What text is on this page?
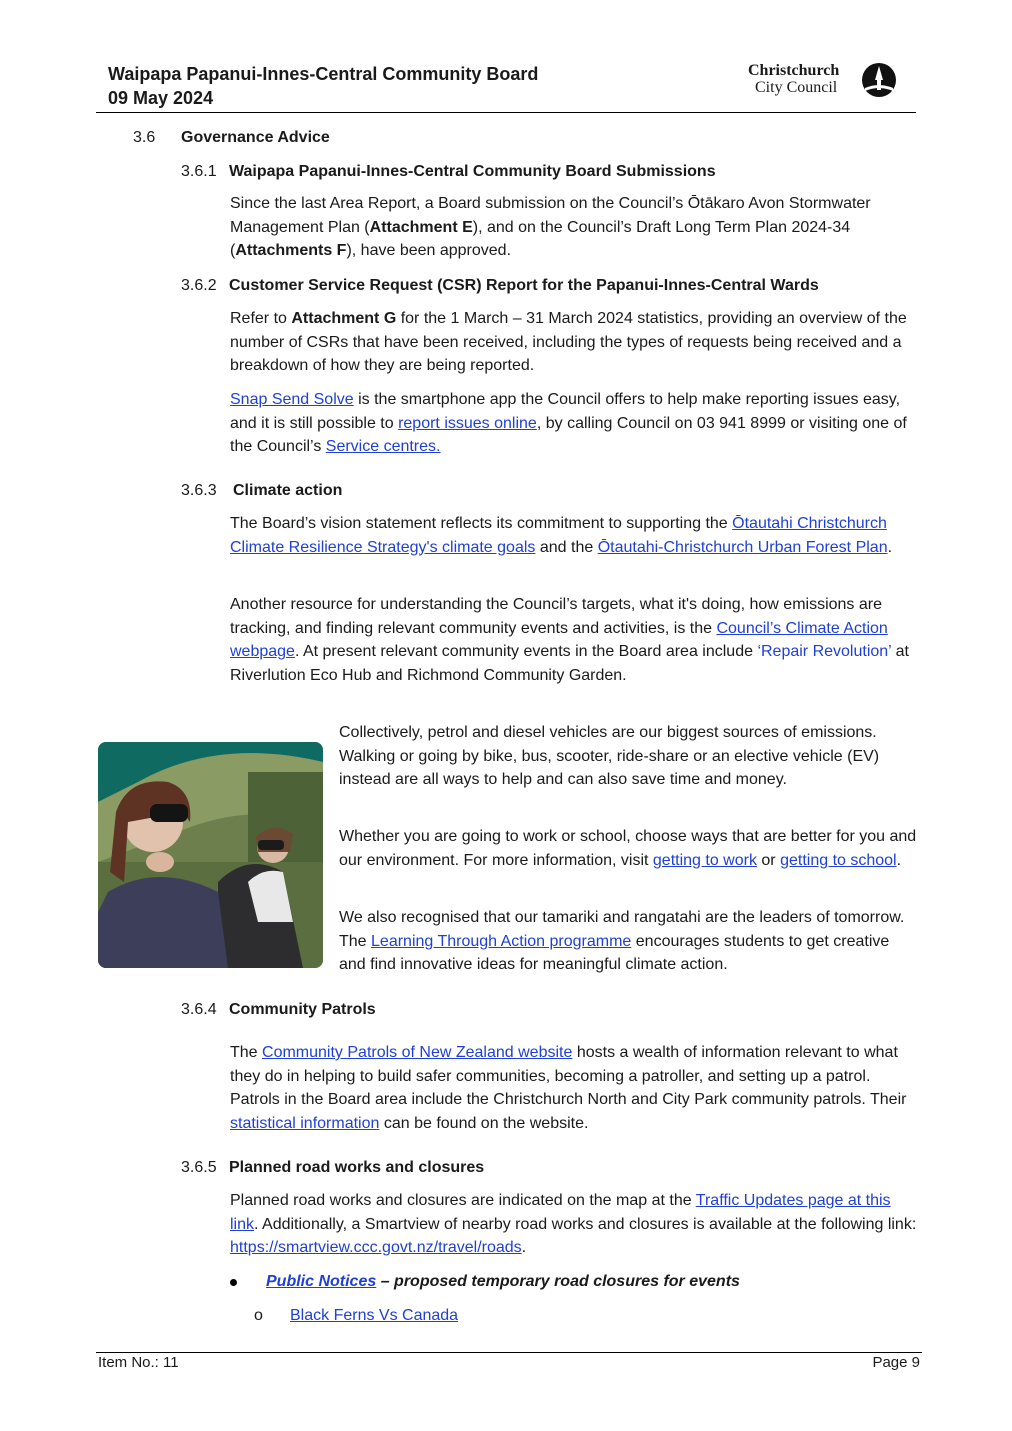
Waipapa Papanui-Innes-Central Community Board
09 May 2024
Christchurch
City Council
3.6 Governance Advice
3.6.1 Waipapa Papanui-Innes-Central Community Board Submissions
Since the last Area Report, a Board submission on the Council’s Ōtākaro Avon Stormwater Management Plan (Attachment E), and on the Council’s Draft Long Term Plan 2024-34 (Attachments F), have been approved.
3.6.2 Customer Service Request (CSR) Report for the Papanui-Innes-Central Wards
Refer to Attachment G for the 1 March – 31 March 2024 statistics, providing an overview of the number of CSRs that have been received, including the types of requests being received and a breakdown of how they are being reported.
Snap Send Solve is the smartphone app the Council offers to help make reporting issues easy, and it is still possible to report issues online, by calling Council on 03 941 8999 or visiting one of the Council’s Service centres.
3.6.3 Climate action
The Board’s vision statement reflects its commitment to supporting the Ōtautahi Christchurch Climate Resilience Strategy's climate goals and the Ōtautahi-Christchurch Urban Forest Plan.
Another resource for understanding the Council’s targets, what it's doing, how emissions are tracking, and finding relevant community events and activities, is the Council’s Climate Action webpage. At present relevant community events in the Board area include ‘Repair Revolution’ at Riverlution Eco Hub and Richmond Community Garden.
Collectively, petrol and diesel vehicles are our biggest sources of emissions. Walking or going by bike, bus, scooter, ride-share or an elective vehicle (EV) instead are all ways to help and can also save time and money.
Whether you are going to work or school, choose ways that are better for you and our environment. For more information, visit getting to work or getting to school.
We also recognised that our tamariki and rangatahi are the leaders of tomorrow. The Learning Through Action programme encourages students to get creative and find innovative ideas for meaningful climate action.
3.6.4 Community Patrols
The Community Patrols of New Zealand website hosts a wealth of information relevant to what they do in helping to build safer communities, becoming a patroller, and setting up a patrol. Patrols in the Board area include the Christchurch North and City Park community patrols. Their statistical information can be found on the website.
3.6.5 Planned road works and closures
Planned road works and closures are indicated on the map at the Traffic Updates page at this link. Additionally, a Smartview of nearby road works and closures is available at the following link: https://smartview.ccc.govt.nz/travel/roads.
Public Notices – proposed temporary road closures for events
o Black Ferns Vs Canada
Item No.: 11	Page 9
